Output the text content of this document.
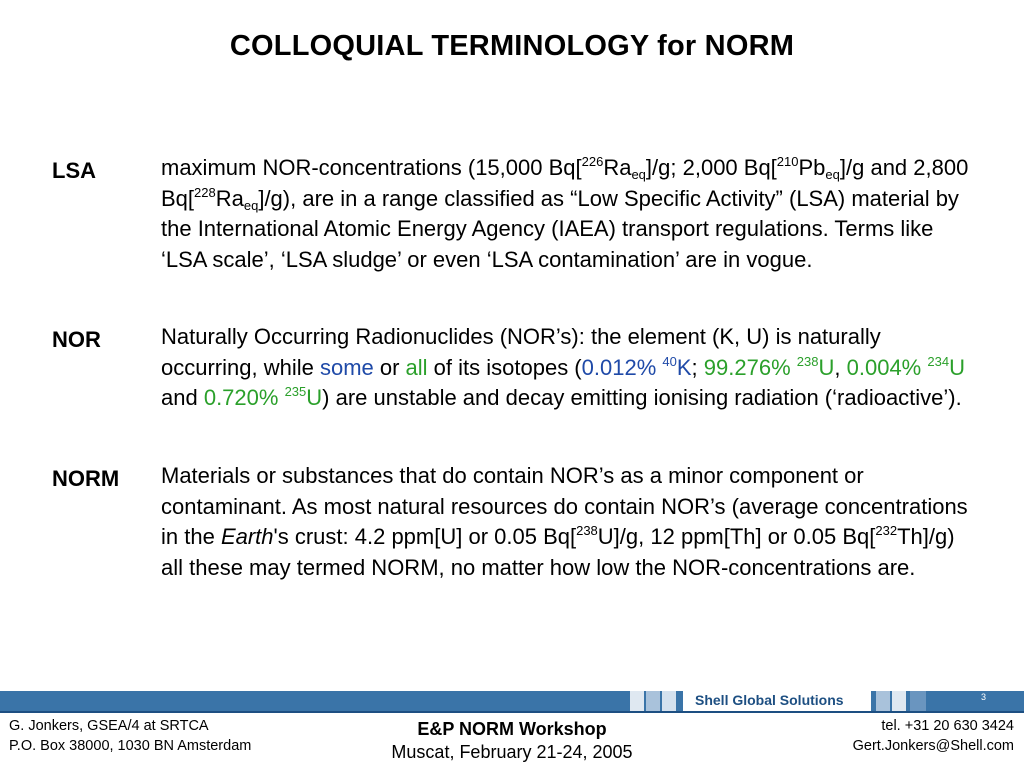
COLLOQUIAL TERMINOLOGY for NORM
LSA	maximum NOR-concentrations (15,000 $Bq[^{226}Ra_{eq}]/g$; 2,000 $Bq[^{210}Pb_{eq}]/g$ and 2,800 $Bq[^{228}Ra_{eq}]/g$), are in a range classified as “Low Specific Activity” (LSA) material by the International Atomic Energy Agency (IAEA) transport regulations. Terms like ‘LSA scale’, ‘LSA sludge’ or even ‘LSA contamination’ are in vogue.
NOR	Naturally Occurring Radionuclides (NOR’s): the element (K, U) is naturally occurring, while some or all of its isotopes (0.012% $^{40}$K; 99.276% $^{238}$U, 0.004% $^{234}$U and 0.720% $^{235}$U) are unstable and decay emitting ionising radiation (‘radioactive’).
NORM Materials or substances that do contain NOR’s as a minor component or contaminant. As most natural resources do contain NOR’s (average concentrations in the Earth's crust: 4.2 ppm[U] or 0.05 Bq[$^{238}$U]/g, 12 ppm[Th] or 0.05 Bq[$^{232}$Th]/g) all these may termed NORM, no matter how low the NOR-concentrations are.
Shell Global Solutions	3
G. Jonkers, GSEA/4 at SRTCA
P.O. Box 38000, 1030 BN Amsterdam
E&P NORM Workshop
Muscat, February 21-24, 2005
tel. +31 20 630 3424
Gert.Jonkers@Shell.com
